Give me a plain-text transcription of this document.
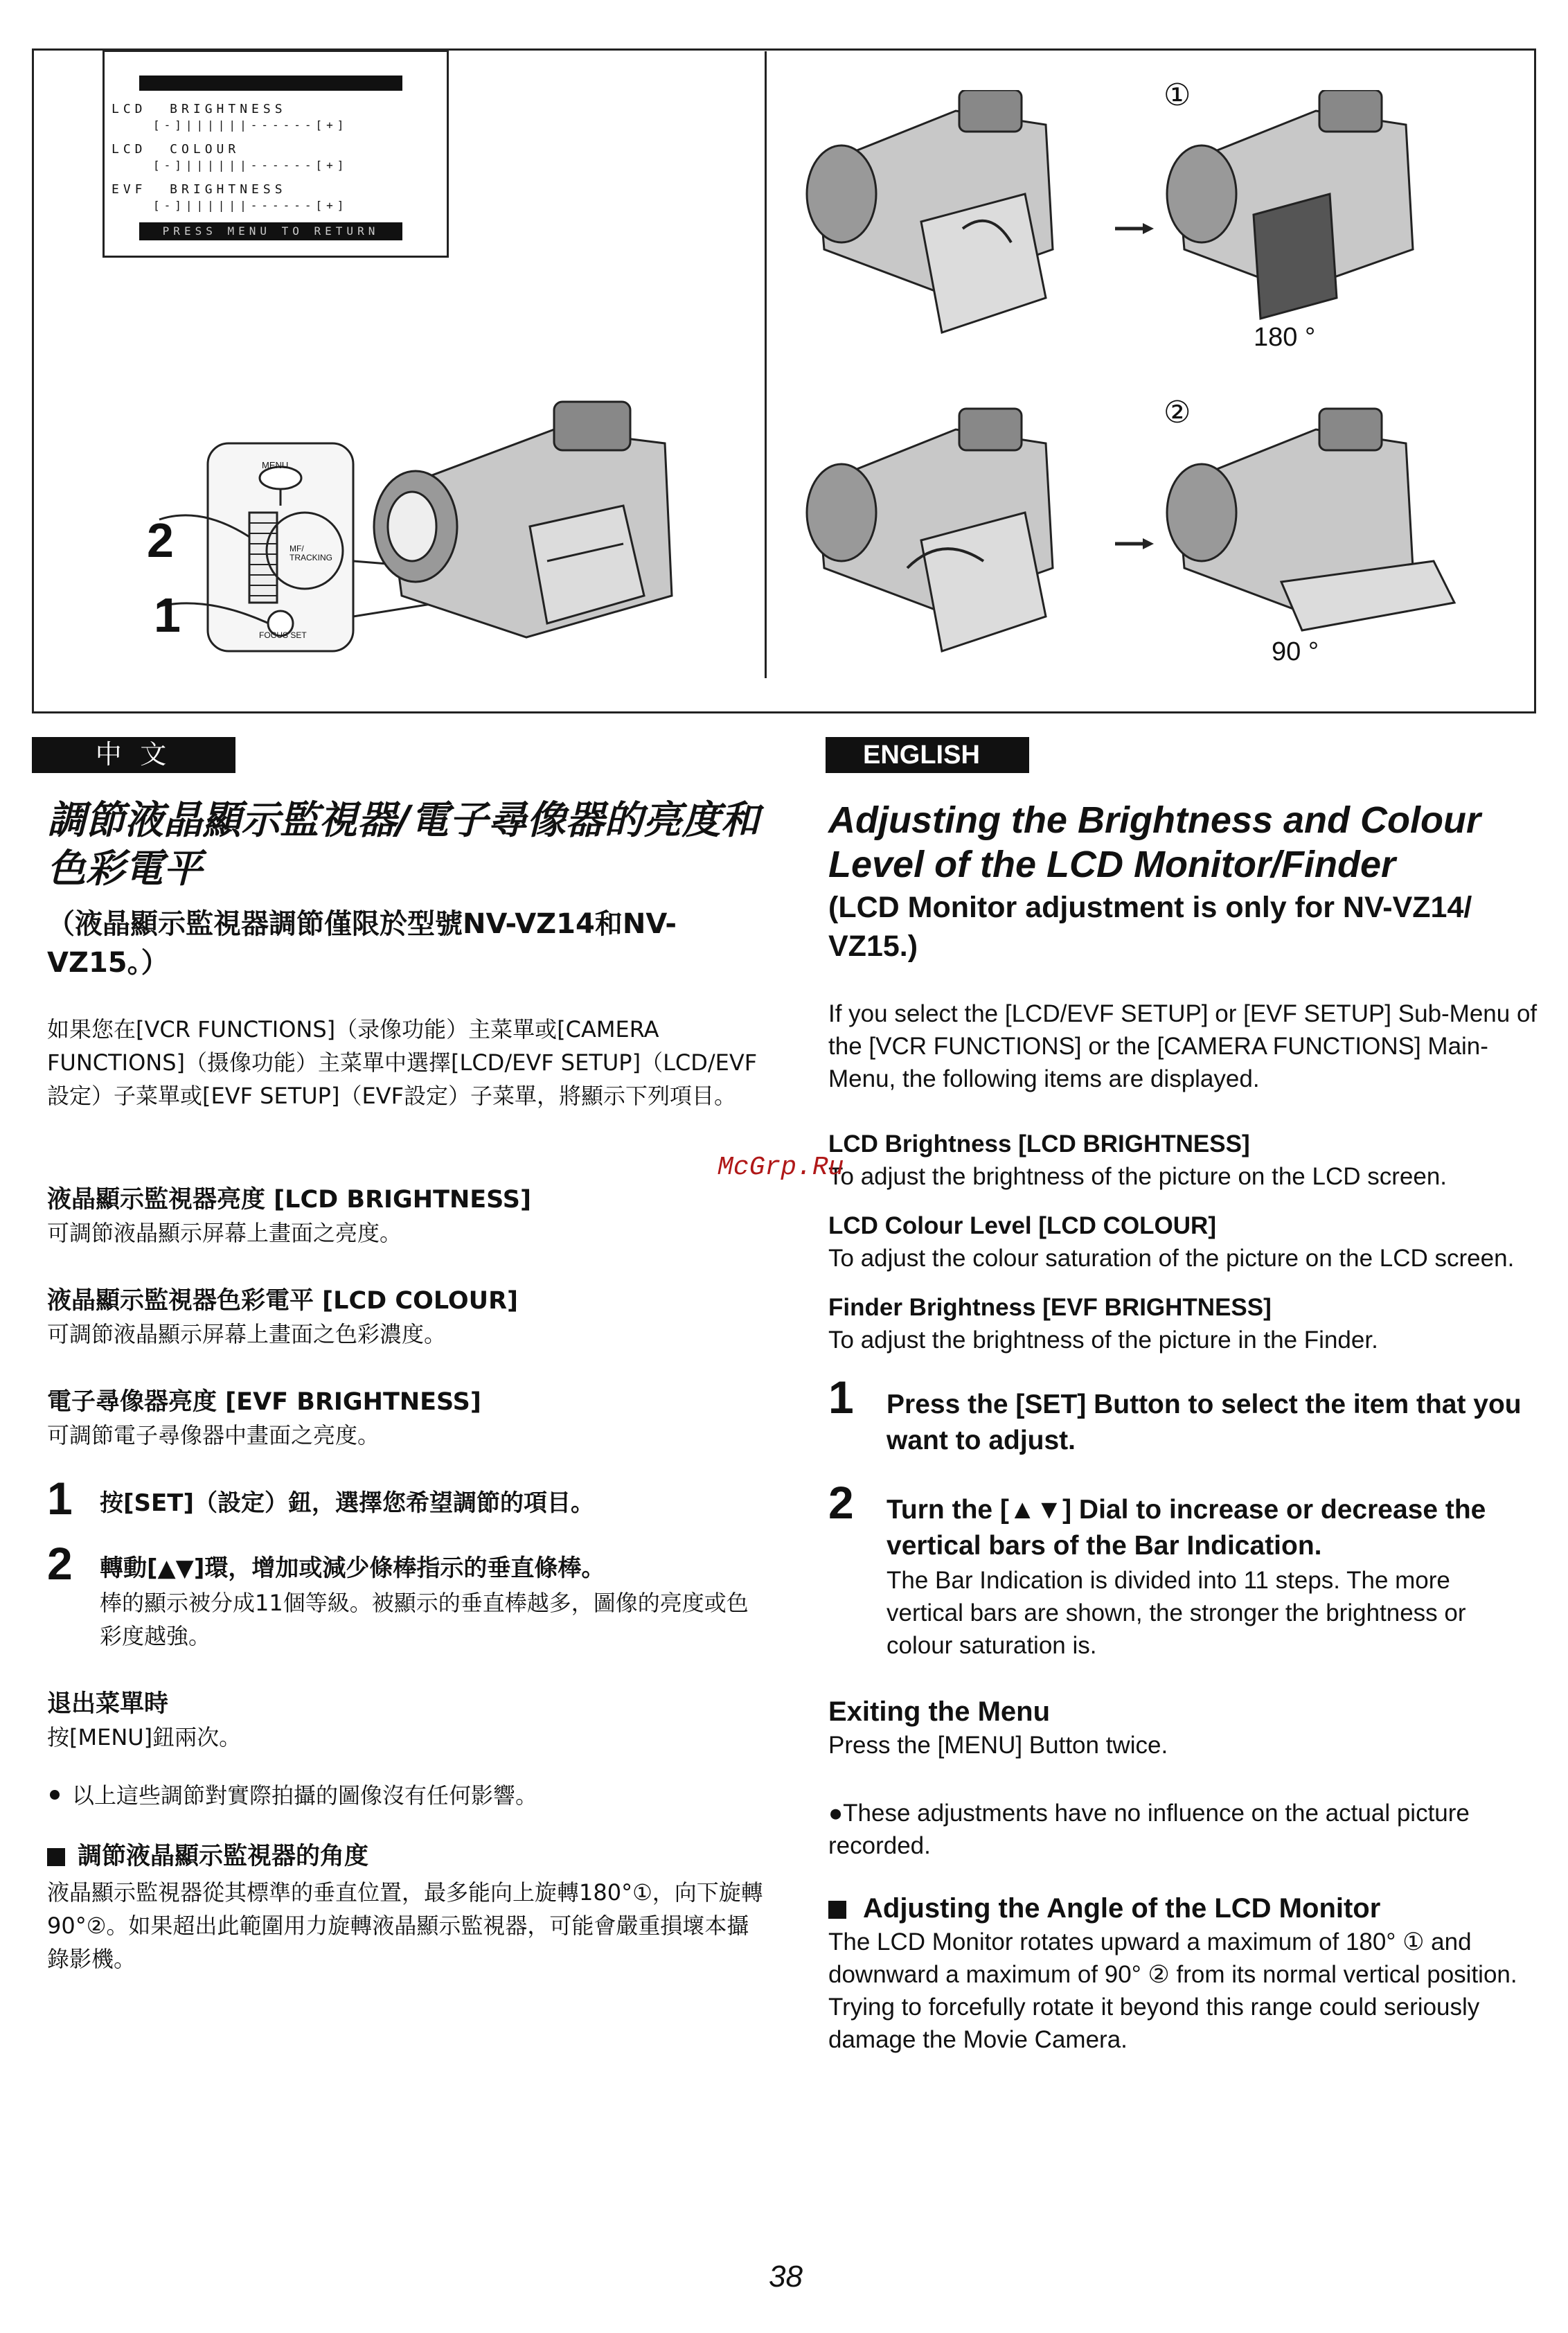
LCD  BRIGHTNESS
[-]||||||------[+]
LCD  COLOUR
[-]||||||------[+]
EVF  BRIGHTNESS
[-]||||||------[+]
PRESS MENU TO RETURN
2
1
MENU
MF/
TRACKING
FOCUS SET
①
②
180 °
90 °
中 文
調節液晶顯示監視器/電子尋像器的亮度和色彩電平
（液晶顯示監視器調節僅限於型號NV-VZ14和NV-VZ15。）
如果您在[VCR FUNCTIONS]（录像功能）主菜單或[CAMERA FUNCTIONS]（摄像功能）主菜單中選擇[LCD/EVF SETUP]（LCD/EVF設定）子菜單或[EVF SETUP]（EVF設定）子菜單，將顯示下列項目。
液晶顯示監視器亮度 [LCD BRIGHTNESS]
可調節液晶顯示屏幕上畫面之亮度。
液晶顯示監視器色彩電平 [LCD COLOUR]
可調節液晶顯示屏幕上畫面之色彩濃度。
電子尋像器亮度 [EVF BRIGHTNESS]
可調節電子尋像器中畫面之亮度。
1 按[SET]（設定）鈕，選擇您希望調節的項目。
2 轉動[▲▼]環，增加或減少條棒指示的垂直條棒。
棒的顯示被分成11個等級。被顯示的垂直棒越多，圖像的亮度或色彩度越強。
退出菜單時
按[MENU]鈕兩次。
以上這些調節對實際拍攝的圖像沒有任何影響。
調節液晶顯示監視器的角度
液晶顯示監視器從其標準的垂直位置，最多能向上旋轉180°①，向下旋轉90°②。如果超出此範圍用力旋轉液晶顯示監視器，可能會嚴重損壞本攝錄影機。
ENGLISH
Adjusting the Brightness and Colour Level of the LCD Monitor/Finder
(LCD Monitor adjustment is only for NV-VZ14/ VZ15.)
If you select the [LCD/EVF SETUP] or [EVF SETUP] Sub-Menu of the [VCR FUNCTIONS] or the [CAMERA FUNCTIONS] Main-Menu, the following items are displayed.
LCD Brightness [LCD BRIGHTNESS]
To adjust the brightness of the picture on the LCD screen.
LCD Colour Level [LCD COLOUR]
To adjust the colour saturation of the picture on the LCD screen.
Finder Brightness [EVF BRIGHTNESS]
To adjust the brightness of the picture in the Finder.
1 Press the [SET] Button to select the item that you want to adjust.
2 Turn the [▲▼] Dial to increase or decrease the vertical bars of the Bar Indication.
The Bar Indication is divided into 11 steps. The more vertical bars are shown, the stronger the brightness or colour saturation is.
Exiting the Menu
Press the [MENU] Button twice.
●These adjustments have no influence on the actual picture recorded.
Adjusting the Angle of the LCD Monitor
The LCD Monitor rotates upward a maximum of 180° ① and downward a maximum of 90° ② from its normal vertical position. Trying to forcefully rotate it beyond this range could seriously damage the Movie Camera.
McGrp.Ru
38
